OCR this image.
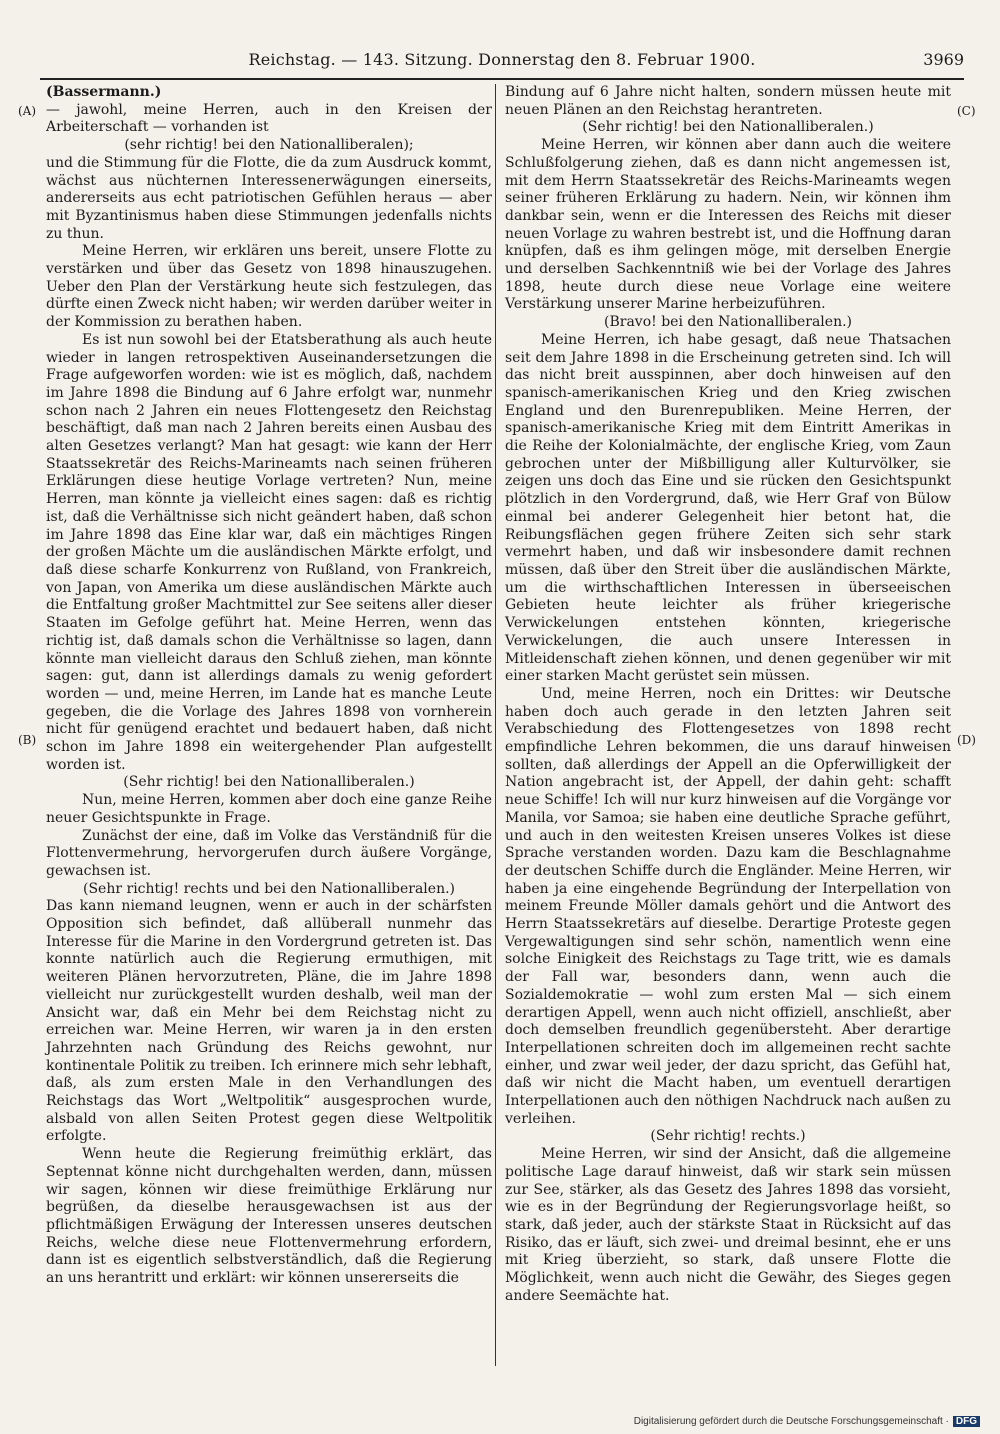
Reichstag. — 143. Sitzung. Donnerstag den 8. Februar 1900.	3969
(A)
(B)
(C)
(D)

(Bassermann.)

— jawohl, meine Herren, auch in den Kreisen der Arbeiterschaft — vorhanden ist

(sehr richtig! bei den Nationalliberalen);

und die Stimmung für die Flotte, die da zum Ausdruck kommt, wächst aus nüchternen Interessenerwägungen einerseits, andererseits aus echt patriotischen Gefühlen heraus — aber mit Byzantinismus haben diese Stimmungen jedenfalls nichts zu thun.

Meine Herren, wir erklären uns bereit, unsere Flotte zu verstärken und über das Gesetz von 1898 hinauszugehen. Ueber den Plan der Verstärkung heute sich festzulegen, das dürfte einen Zweck nicht haben; wir werden darüber weiter in der Kommission zu berathen haben.

Es ist nun sowohl bei der Etatsberathung als auch heute wieder in langen retrospektiven Auseinandersetzungen die Frage aufgeworfen worden: wie ist es möglich, daß, nachdem im Jahre 1898 die Bindung auf 6 Jahre erfolgt war, nunmehr schon nach 2 Jahren ein neues Flottengesetz den Reichstag beschäftigt, daß man nach 2 Jahren bereits einen Ausbau des alten Gesetzes verlangt? Man hat gesagt: wie kann der Herr Staatssekretär des Reichs-Marineamts nach seinen früheren Erklärungen diese heutige Vorlage vertreten? Nun, meine Herren, man könnte ja vielleicht eines sagen: daß es richtig ist, daß die Verhältnisse sich nicht geändert haben, daß schon im Jahre 1898 das Eine klar war, daß ein mächtiges Ringen der großen Mächte um die ausländischen Märkte erfolgt, und daß diese scharfe Konkurrenz von Rußland, von Frankreich, von Japan, von Amerika um diese ausländischen Märkte auch die Entfaltung großer Machtmittel zur See seitens aller dieser Staaten im Gefolge geführt hat. Meine Herren, wenn das richtig ist, daß damals schon die Verhältnisse so lagen, dann könnte man vielleicht daraus den Schluß ziehen, man könnte sagen: gut, dann ist allerdings damals zu wenig gefordert worden — und, meine Herren, im Lande hat es manche Leute gegeben, die die Vorlage des Jahres 1898 von vornherein nicht für genügend erachtet und bedauert haben, daß nicht schon im Jahre 1898 ein weitergehender Plan aufgestellt worden ist.

(Sehr richtig! bei den Nationalliberalen.)

Nun, meine Herren, kommen aber doch eine ganze Reihe neuer Gesichtspunkte in Frage.

Zunächst der eine, daß im Volke das Verständniß für die Flottenvermehrung, hervorgerufen durch äußere Vorgänge, gewachsen ist.

(Sehr richtig! rechts und bei den Nationalliberalen.)

Das kann niemand leugnen, wenn er auch in der schärfsten Opposition sich befindet, daß allüberall nunmehr das Interesse für die Marine in den Vordergrund getreten ist. Das konnte natürlich auch die Regierung ermuthigen, mit weiteren Plänen hervorzutreten, Pläne, die im Jahre 1898 vielleicht nur zurückgestellt wurden deshalb, weil man der Ansicht war, daß ein Mehr bei dem Reichstag nicht zu erreichen war. Meine Herren, wir waren ja in den ersten Jahrzehnten nach Gründung des Reichs gewohnt, nur kontinentale Politik zu treiben. Ich erinnere mich sehr lebhaft, daß, als zum ersten Male in den Verhandlungen des Reichstags das Wort „Weltpolitik“ ausgesprochen wurde, alsbald von allen Seiten Protest gegen diese Weltpolitik erfolgte.

Wenn heute die Regierung freimüthig erklärt, das Septennat könne nicht durchgehalten werden, dann, müssen wir sagen, können wir diese freimüthige Erklärung nur begrüßen, da dieselbe herausgewachsen ist aus der pflichtmäßigen Erwägung der Interessen unseres deutschen Reichs, welche diese neue Flottenvermehrung erfordern, dann ist es eigentlich selbstverständlich, daß die Regierung an uns herantritt und erklärt: wir können unsererseits die

Bindung auf 6 Jahre nicht halten, sondern müssen heute mit neuen Plänen an den Reichstag herantreten.

(Sehr richtig! bei den Nationalliberalen.)

Meine Herren, wir können aber dann auch die weitere Schlußfolgerung ziehen, daß es dann nicht angemessen ist, mit dem Herrn Staatssekretär des Reichs-Marineamts wegen seiner früheren Erklärung zu hadern. Nein, wir können ihm dankbar sein, wenn er die Interessen des Reichs mit dieser neuen Vorlage zu wahren bestrebt ist, und die Hoffnung daran knüpfen, daß es ihm gelingen möge, mit derselben Energie und derselben Sachkenntniß wie bei der Vorlage des Jahres 1898, heute durch diese neue Vorlage eine weitere Verstärkung unserer Marine herbeizuführen.

(Bravo! bei den Nationalliberalen.)

Meine Herren, ich habe gesagt, daß neue Thatsachen seit dem Jahre 1898 in die Erscheinung getreten sind. Ich will das nicht breit ausspinnen, aber doch hinweisen auf den spanisch-amerikanischen Krieg und den Krieg zwischen England und den Burenrepubliken. Meine Herren, der spanisch-amerikanische Krieg mit dem Eintritt Amerikas in die Reihe der Kolonialmächte, der englische Krieg, vom Zaun gebrochen unter der Mißbilligung aller Kulturvölker, sie zeigen uns doch das Eine und sie rücken den Gesichtspunkt plötzlich in den Vordergrund, daß, wie Herr Graf von Bülow einmal bei anderer Gelegenheit hier betont hat, die Reibungsflächen gegen frühere Zeiten sich sehr stark vermehrt haben, und daß wir insbesondere damit rechnen müssen, daß über den Streit über die ausländischen Märkte, um die wirthschaftlichen Interessen in überseeischen Gebieten heute leichter als früher kriegerische Verwickelungen entstehen könnten, kriegerische Verwickelungen, die auch unsere Interessen in Mitleidenschaft ziehen können, und denen gegenüber wir mit einer starken Macht gerüstet sein müssen.

Und, meine Herren, noch ein Drittes: wir Deutsche haben doch auch gerade in den letzten Jahren seit Verabschiedung des Flottengesetzes von 1898 recht empfindliche Lehren bekommen, die uns darauf hinweisen sollten, daß allerdings der Appell an die Opferwilligkeit der Nation angebracht ist, der Appell, der dahin geht: schafft neue Schiffe! Ich will nur kurz hinweisen auf die Vorgänge vor Manila, vor Samoa; sie haben eine deutliche Sprache geführt, und auch in den weitesten Kreisen unseres Volkes ist diese Sprache verstanden worden. Dazu kam die Beschlagnahme der deutschen Schiffe durch die Engländer. Meine Herren, wir haben ja eine eingehende Begründung der Interpellation von meinem Freunde Möller damals gehört und die Antwort des Herrn Staatssekretärs auf dieselbe. Derartige Proteste gegen Vergewaltigungen sind sehr schön, namentlich wenn eine solche Einigkeit des Reichstags zu Tage tritt, wie es damals der Fall war, besonders dann, wenn auch die Sozialdemokratie — wohl zum ersten Mal — sich einem derartigen Appell, wenn auch nicht offiziell, anschließt, aber doch demselben freundlich gegenübersteht. Aber derartige Interpellationen schreiten doch im allgemeinen recht sachte einher, und zwar weil jeder, der dazu spricht, das Gefühl hat, daß wir nicht die Macht haben, um eventuell derartigen Interpellationen auch den nöthigen Nachdruck nach außen zu verleihen.

(Sehr richtig! rechts.)

Meine Herren, wir sind der Ansicht, daß die allgemeine politische Lage darauf hinweist, daß wir stark sein müssen zur See, stärker, als das Gesetz des Jahres 1898 das vorsieht, wie es in der Begründung der Regierungsvorlage heißt, so stark, daß jeder, auch der stärkste Staat in Rücksicht auf das Risiko, das er läuft, sich zwei- und dreimal besinnt, ehe er uns mit Krieg überzieht, so stark, daß unsere Flotte die Möglichkeit, wenn auch nicht die Gewähr, des Sieges gegen andere Seemächte hat.

Digitalisierung gefördert durch die Deutsche Forschungsgemeinschaft · DFG
